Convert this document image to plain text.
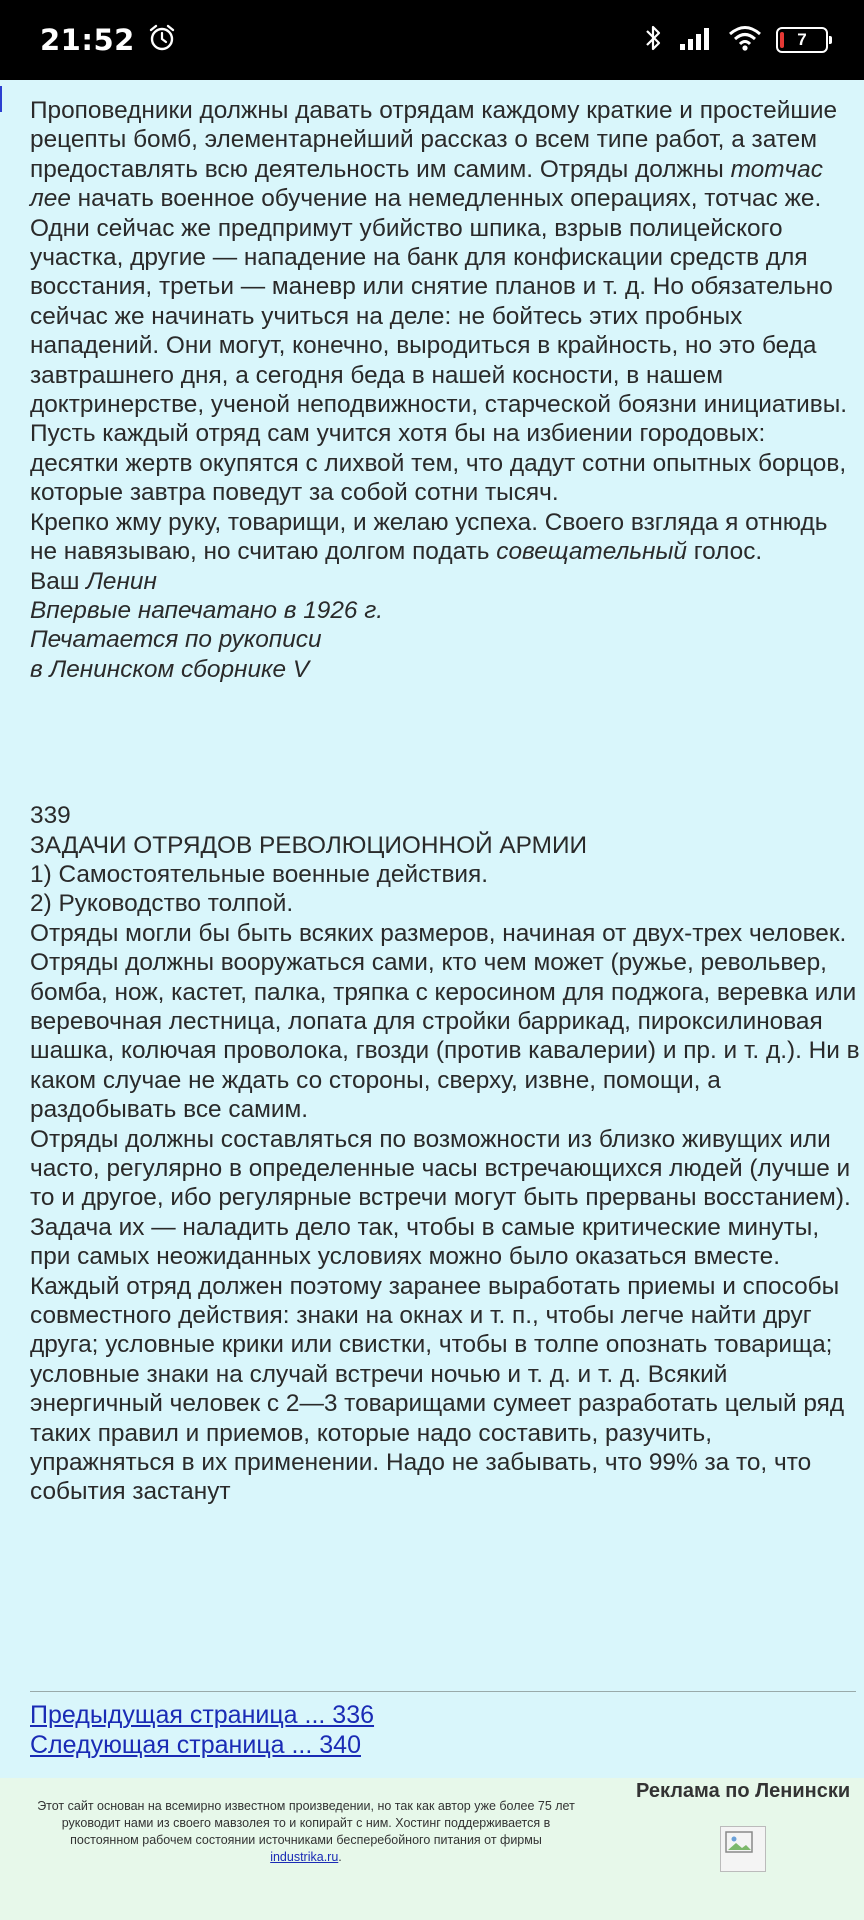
21:52	7

Проповедники должны давать отрядам каждому краткие и простейшие рецепты бомб, элементарнейший рассказ о всем типе работ, а затем предоставлять всю деятельность им самим. Отряды должны тотчас лее начать военное обучение на немедленных операциях, тотчас же. Одни сейчас же предпримут убийство шпика, взрыв полицейского участка, другие — нападение на банк для конфискации средств для восстания, третьи — маневр или снятие планов и т. д. Но обязательно сейчас же начинать учиться на деле: не бойтесь этих пробных нападений. Они могут, конечно, выродиться в крайность, но это беда завтрашнего дня, а сегодня беда в нашей косности, в нашем доктринерстве, ученой неподвижности, старческой боязни инициативы. Пусть каждый отряд сам учится хотя бы на избиении городовых: десятки жертв окупятся с лихвой тем, что дадут сотни опытных борцов, которые завтра поведут за собой сотни тысяч.

Крепко жму руку, товарищи, и желаю успеха. Своего взгляда я отнюдь не навязываю, но считаю долгом подать совещательный голос.

Ваш Ленин

Впервые напечатано в 1926 г.

Печатается по рукописи

в Ленинском сборнике V

339

ЗАДАЧИ ОТРЯДОВ РЕВОЛЮЦИОННОЙ АРМИИ

1) Самостоятельные военные действия.

2) Руководство толпой.

Отряды могли бы быть всяких размеров, начиная от двух-трех человек.

Отряды должны вооружаться сами, кто чем может (ружье, револьвер, бомба, нож, кастет, палка, тряпка с керосином для поджога, веревка или веревочная лестница, лопата для стройки баррикад, пироксилиновая шашка, колючая проволока, гвозди (против кавалерии) и пр. и т. д.). Ни в каком случае не ждать со стороны, сверху, извне, помощи, а раздобывать все самим.

Отряды должны составляться по возможности из близко живущих или часто, регулярно в определенные часы встречающихся людей (лучше и то и другое, ибо регулярные встречи могут быть прерваны восстанием). Задача их — наладить дело так, чтобы в самые критические минуты, при самых неожиданных условиях можно было оказаться вместе. Каждый отряд должен поэтому заранее выработать приемы и способы совместного действия: знаки на окнах и т. п., чтобы легче найти друг друга; условные крики или свистки, чтобы в толпе опознать товарища; условные знаки на случай встречи ночью и т. д. и т. д. Всякий энергичный человек с 2—3 товарищами сумеет разработать целый ряд таких правил и приемов, которые надо составить, разучить, упражняться в их применении. Надо не забывать, что 99% за то, что события застанут

Предыдущая страница ... 336
Следующая страница ... 340
Этот сайт основан на всемирно известном произведении, но так как автор уже более 75 лет руководит нами из своего мавзолея то и копирайт с ним. Хостинг поддерживается в постоянном рабочем состоянии источниками бесперебойного питания от фирмы
industrika.ru.
Реклама по Ленински
